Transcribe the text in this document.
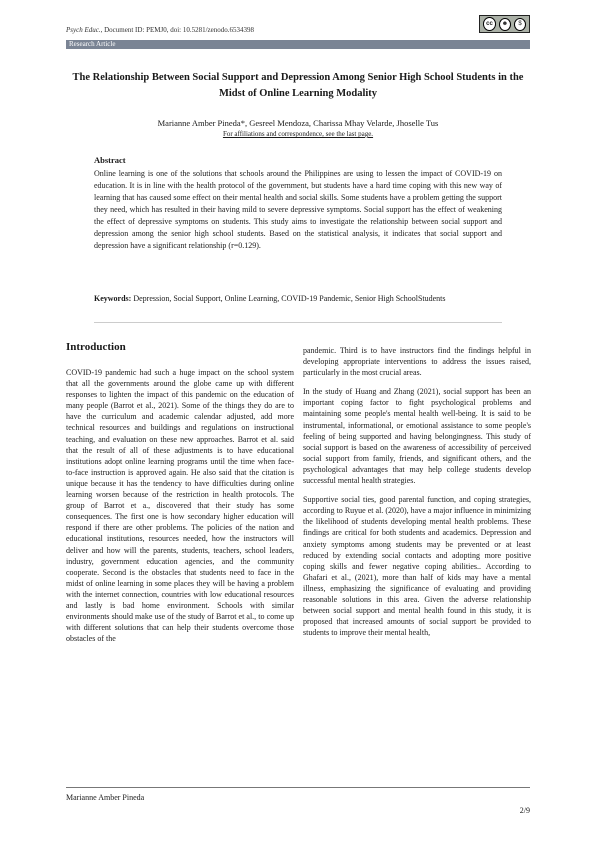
Psych Educ., Document ID: PEMJ0, doi: 10.5281/zenodo.6534398
cc	☻	$
Research Article
The Relationship Between Social Support and Depression Among Senior High School Students in the Midst of Online Learning Modality
Marianne Amber Pineda*, Gesreel Mendoza, Charissa Mhay Velarde, Jhoselle Tus
For affiliations and correspondence, see the last page.
Abstract
Online learning is one of the solutions that schools around the Philippines are using to lessen the impact of COVID-19 on education. It is in line with the health protocol of the government, but students have a hard time coping with this new way of learning that has caused some effect on their mental health and social skills. Some students have a problem getting the support they need, which has resulted in their having mild to severe depressive symptoms. Social support has the effect of weakening the effect of depressive symptoms on students. This study aims to investigate the relationship between social support and depression among the senior high school students. Based on the statistical analysis, it indicates that social support and depression have a significant relationship (r=0.129).
Keywords: Depression, Social Support, Online Learning, COVID-19 Pandemic, Senior High SchoolStudents
Introduction

COVID-19 pandemic had such a huge impact on the school system that all the governments around the globe came up with different responses to lighten the impact of this pandemic on the education of many people (Barrot et al., 2021). Some of the things they do are to have the curriculum and academic calendar adjusted, add more technical resources and buildings and regulations on instructional teaching, and evaluation on these new approaches. Barrot et al. said that the result of all of these adjustments is to have educational institutions adopt online learning programs until the time when face-to-face instruction is approved again. He also said that the citation is unique because it has the tendency to have difficulties during online learning worsen because of the restriction in health protocols. The group of Barrot et a., discovered that their study has some consequences. The first one is how secondary higher education will respond if there are other problems. The policies of the nation and educational institutions, resources needed, how the instructors will deliver and how will the parents, students, teachers, school leaders, industry, government education agencies, and the community cooperate. Second is the obstacles that students need to face in the midst of online learning in some places they will be having a problem with the internet connection, countries with low educational resources and lastly is bad home environment. Schools with similar environments should make use of the study of Barrot et al., to come up with different solutions that can help their students overcome those obstacles of the

pandemic. Third is to have instructors find the findings helpful in developing appropriate interventions to address the issues raised, particularly in the most crucial areas.

In the study of Huang and Zhang (2021), social support has been an important coping factor to fight psychological problems and maintaining some people's mental health well-being. It is said to be instrumental, informational, or emotional assistance to some people's feeling of being supported and having belongingness. This study of social support is based on the awareness of accessibility of perceived social support from family, friends, and significant others, and the psychological advantages that may help college students develop successful mental health strategies.

Supportive social ties, good parental function, and coping strategies, according to Ruyue et al. (2020), have a major influence in minimizing the likelihood of students developing mental health problems. These findings are critical for both students and academics. Depression and anxiety symptoms among students may be prevented or at least reduced by extending social contacts and adopting more positive coping skills and fewer negative coping abilities.. According to Ghafari et al., (2021), more than half of kids may have a mental illness, emphasizing the significance of evaluating and providing reasonable solutions in this area. Given the adverse relationship between social support and mental health found in this study, it is proposed that increased amounts of social support be provided to students to improve their mental health,

Marianne Amber Pineda
2/9
